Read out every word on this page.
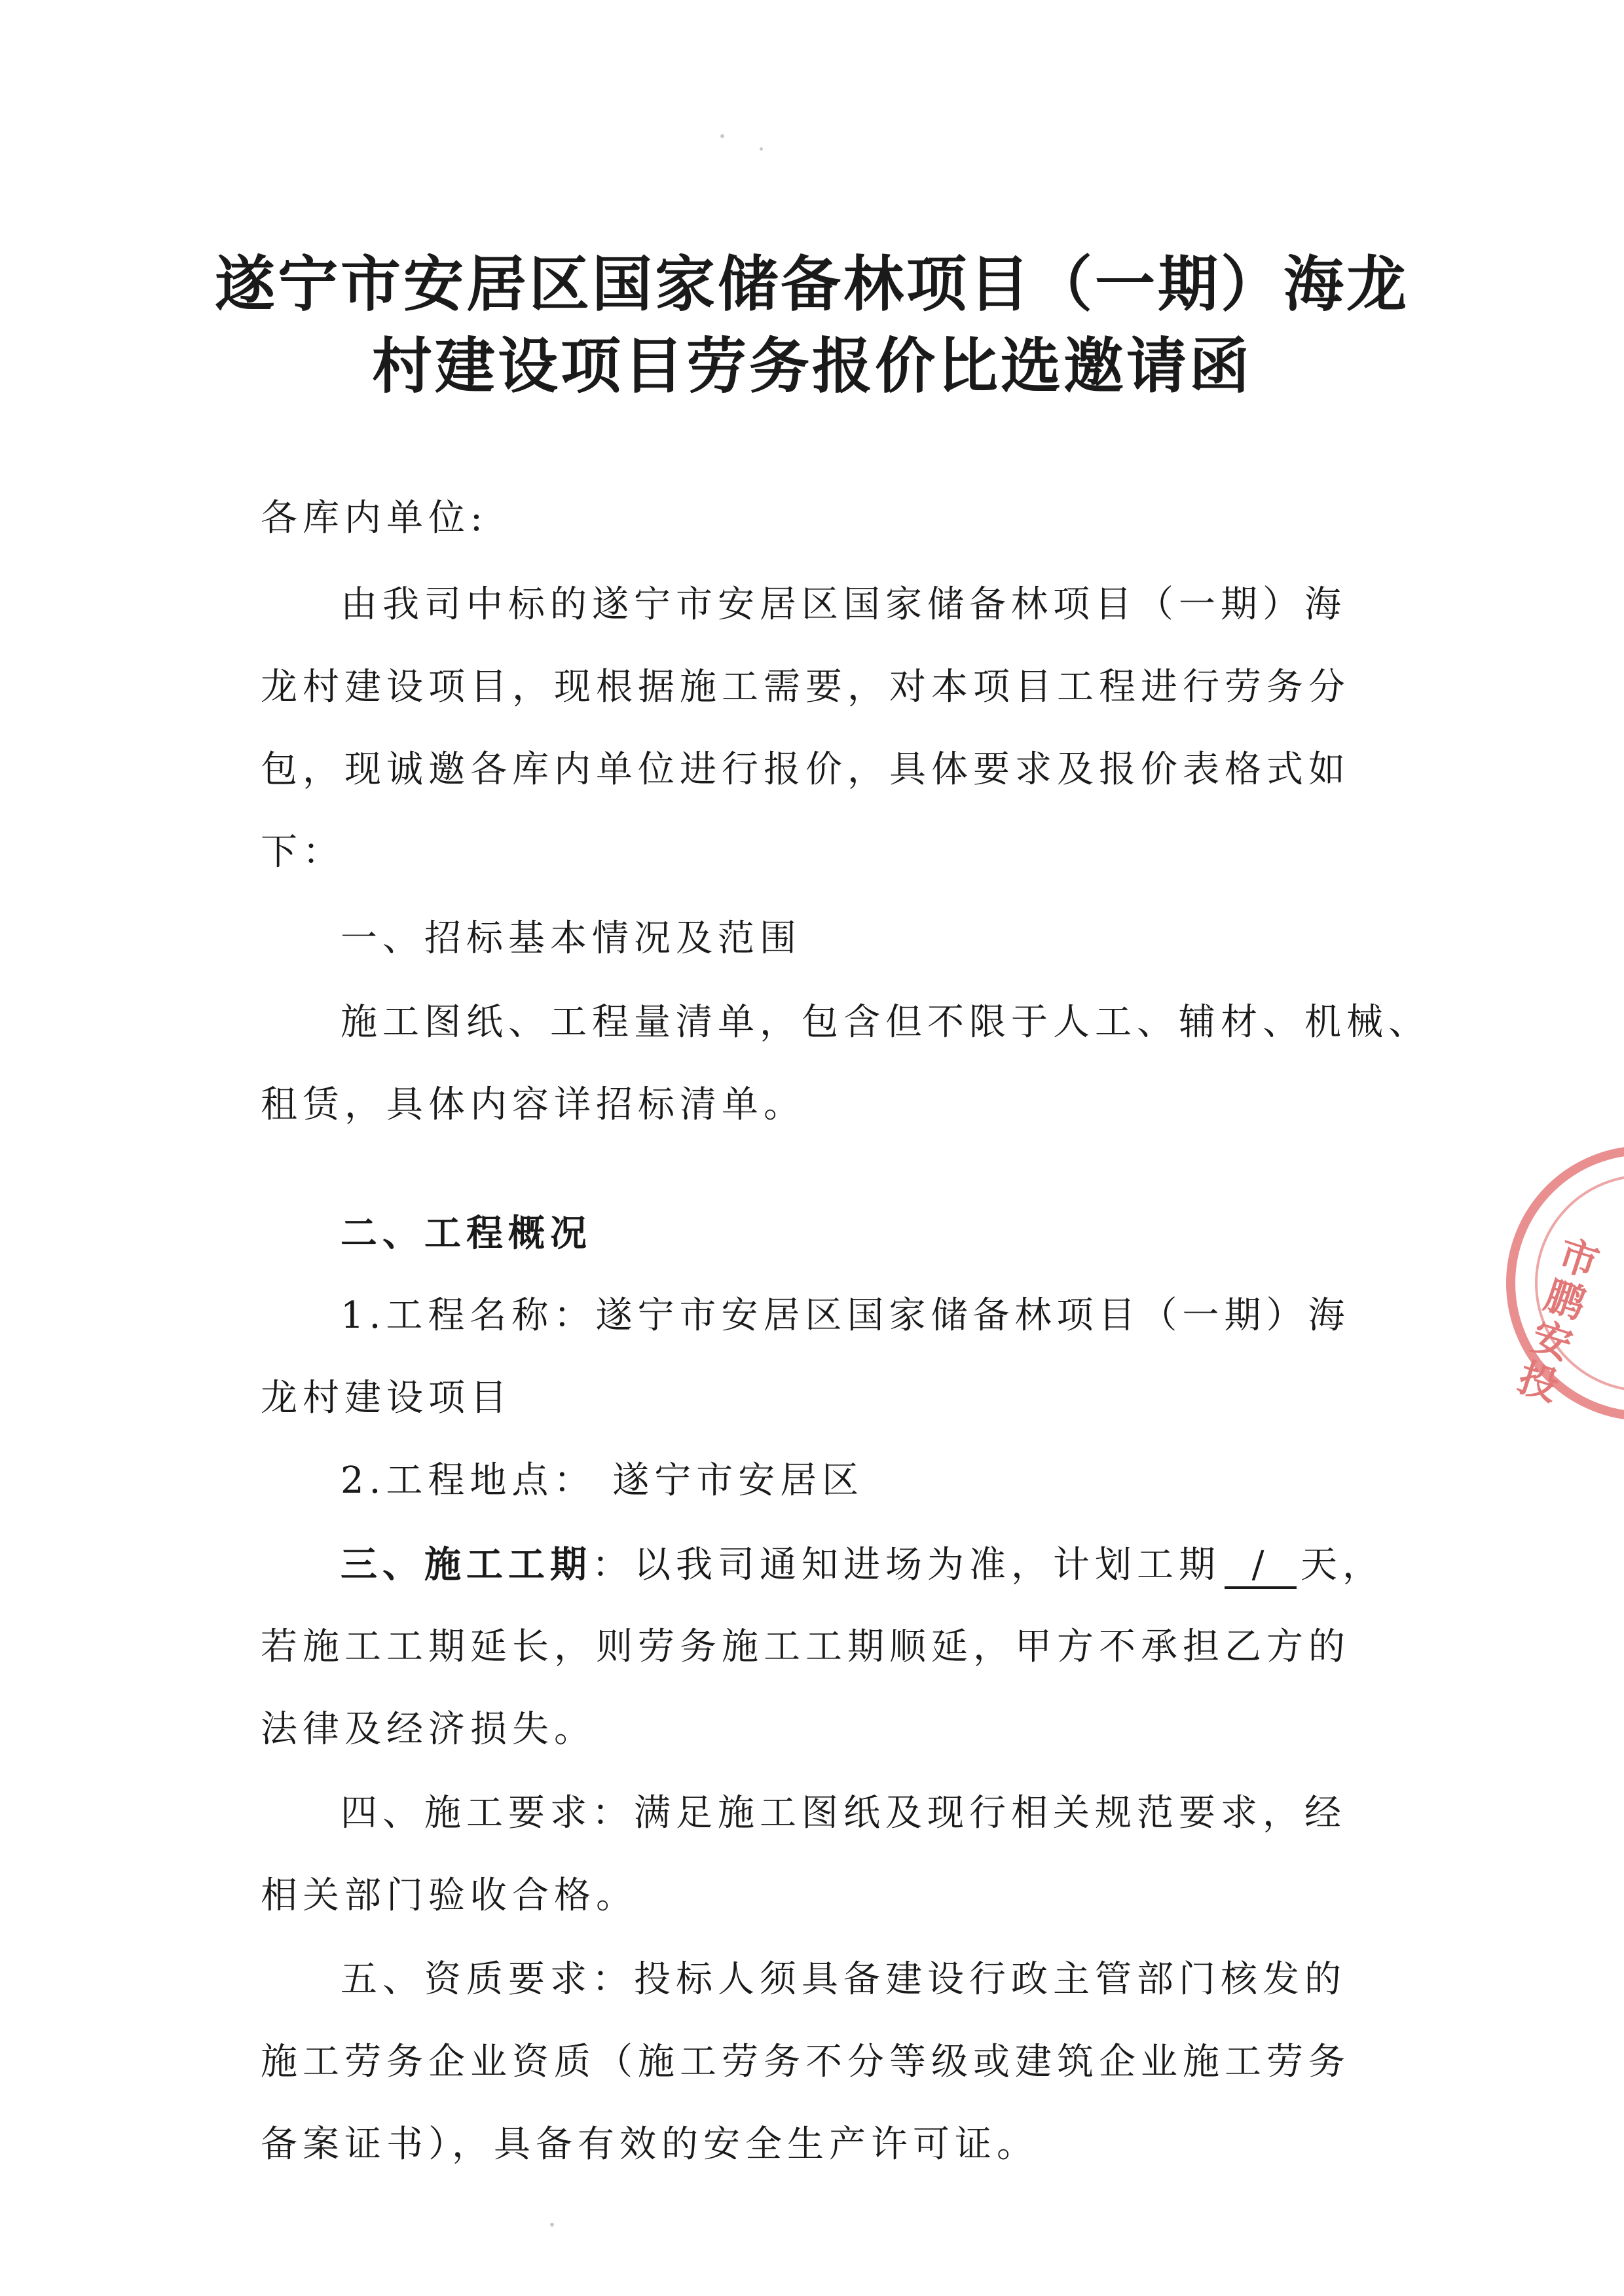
遂宁市安居区国家储备林项目（一期）海龙
村建设项目劳务报价比选邀请函
各库内单位:
由我司中标的遂宁市安居区国家储备林项目（一期）海
龙村建设项目，现根据施工需要，对本项目工程进行劳务分
包，现诚邀各库内单位进行报价，具体要求及报价表格式如
下：
一、招标基本情况及范围
施工图纸、工程量清单，包含但不限于人工、辅材、机械、
租赁，具体内容详招标清单。
二、工程概况
1.工程名称：遂宁市安居区国家储备林项目（一期）海
龙村建设项目
2.工程地点： 遂宁市安居区
三、施工工期：以我司通知进场为准，计划工期 / 天，
若施工工期延长，则劳务施工工期顺延，甲方不承担乙方的
法律及经济损失。
四、施工要求：满足施工图纸及现行相关规范要求，经
相关部门验收合格。
五、资质要求：投标人须具备建设行政主管部门核发的
施工劳务企业资质（施工劳务不分等级或建筑企业施工劳务
备案证书），具备有效的安全生产许可证。
市鹏安投
